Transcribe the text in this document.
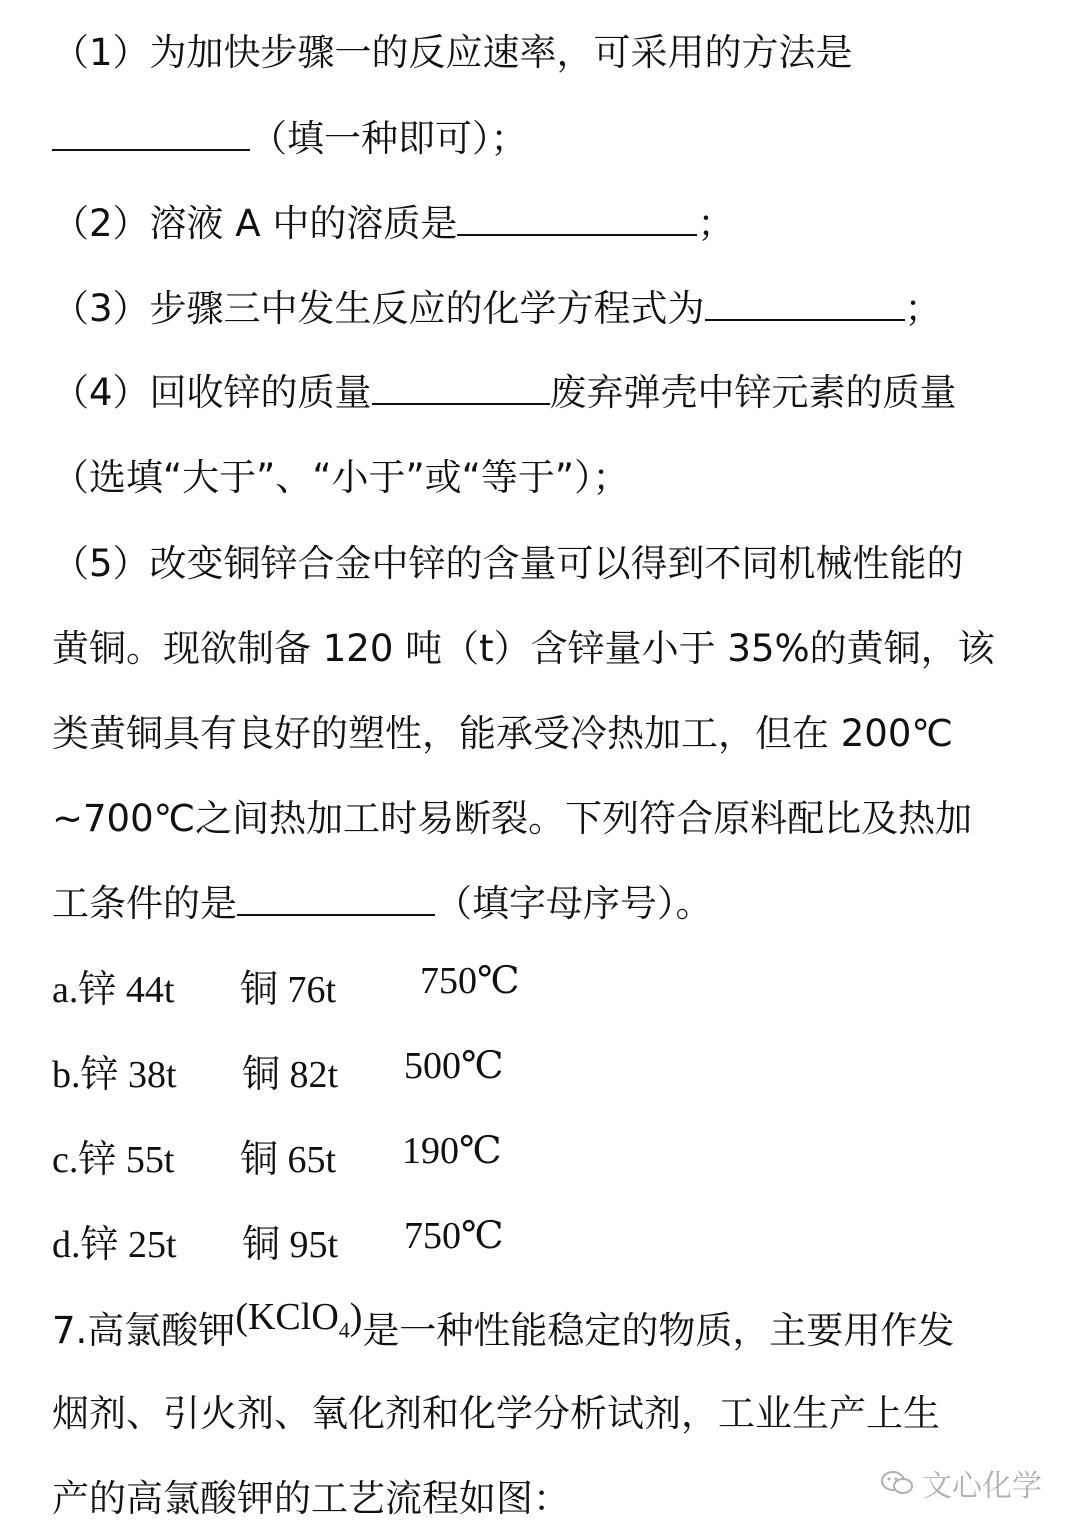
（1）为加快步骤一的反应速率，可采用的方法是
（填一种即可）；
（2）溶液 A 中的溶质是	；
（3）步骤三中发生反应的化学方程式为	；
（4）回收锌的质量	废弃弹壳中锌元素的质量
（选填“大于”、“小于”或“等于”）；
（5）改变铜锌合金中锌的含量可以得到不同机械性能的
黄铜。现欲制备 120 吨（t）含锌量小于 35%的黄铜，该
类黄铜具有良好的塑性，能承受冷热加工，但在 200℃
~700℃之间热加工时易断裂。下列符合原料配比及热加
工条件的是	（填字母序号）。
a.锌 44t 铜 76t 750℃
b.锌 38t 铜 82t 500℃
c.锌 55t 铜 65t 190℃
d.锌 25t 铜 95t 750℃
7.高氯酸钾(KClO$_4$)是一种性能稳定的物质，主要用作发
烟剂、引火剂、氧化剂和化学分析试剂，工业生产上生
产的高氯酸钾的工艺流程如图：	文心化学
